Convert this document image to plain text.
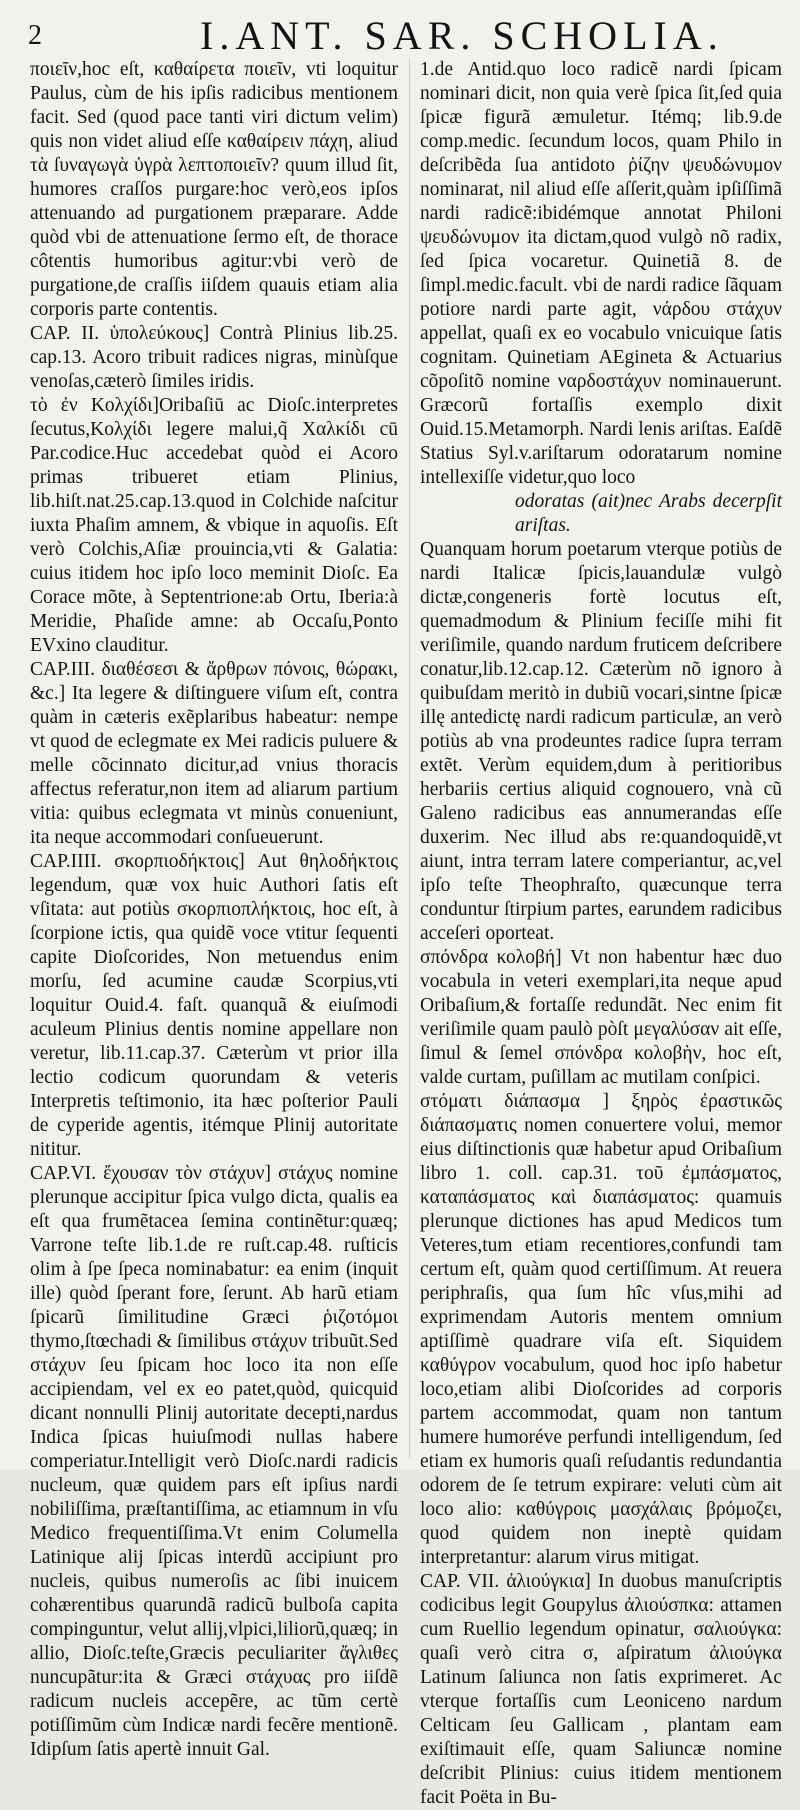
2	I.ANT. SAR. SCHOLIA.

ποιεῖν,hoc eſt, καθαίρετα ποιεῖν, vti loquitur Paulus, cùm de his ipſis radicibus mentionem facit. Sed (quod pace tanti viri dictum velim) quis non videt aliud eſſe καθαίρειν πάχη, aliud τὰ ſυναγωγὰ ὑγρὰ λεπτοποιεῖν? quum illud ſit, humores craſſos purgare:hoc verò,eos ipſos attenuando ad purgationem præparare. Adde quòd vbi de attenuatione ſermo eſt, de thorace côtentis humoribus agitur:vbi verò de purgatione,de craſſis iiſdem quauis etiam alia corporis parte contentis.

CAP. II. ὑπολεύκους] Contrà Plinius lib.25. cap.13. Acoro tribuit radices nigras, minùſque venoſas,cæterò ſimiles iridis.

τὸ ἐν Κολχίδι]Oribaſiū ac Dioſc.interpretes ſecutus,Κολχίδι legere malui,q̃ Χαλκίδι cū Par.codice.Huc accedebat quòd ei Acoro primas tribueret etiam Plinius, lib.hiſt.nat.25.cap.13.quod in Colchide naſcitur iuxta Phaſim amnem, & vbique in aquoſis. Eſt verò Colchis,Aſiæ prouincia,vti & Galatia: cuius itidem hoc ipſo loco meminit Dioſc. Ea Corace mõte, à Septentrione:ab Ortu, Iberia:à Meridie, Phaſide amne: ab Occaſu,Ponto EVxino clauditur.

CAP.III. διαθέσεσι & ἄρθρων πόνοις, θώρακι, &c.] Ita legere & diſtinguere viſum eſt, contra quàm in cæteris exẽplaribus habeatur: nempe vt quod de eclegmate ex Mei radicis puluere & melle cõcinnato dicitur,ad vnius thoracis affectus referatur,non item ad aliarum partium vitia: quibus eclegmata vt minùs conueniunt, ita neque accommodari conſueuerunt.

CAP.IIII. σκορπιοδήκτοις] Aut θηλοδήκτοις legendum, quæ vox huic Authori ſatis eſt vſitata: aut potiùs σκορπιοπλήκτοις, hoc eſt, à ſcorpione ictis, qua quidẽ voce vtitur ſequenti capite Dioſcorides, Non metuendus enim morſu, ſed acumine caudæ Scorpius,vti loquitur Ouid.4. faſt. quanquã & eiuſmodi aculeum Plinius dentis nomine appellare non veretur, lib.11.cap.37. Cæterùm vt prior illa lectio codicum quorundam & veteris Interpretis teſtimonio, ita hæc poſterior Pauli de cyperide agentis, itémque Plinij autoritate nititur.

CAP.VI. ἔχουσαν τὸν στάχυν] στάχυς nomine plerunque accipitur ſpica vulgo dicta, qualis ea eſt qua frumẽtacea ſemina continẽtur:quæq; Varrone teſte lib.1.de re ruſt.cap.48. ruſticis olim à ſpe ſpeca nominabatur: ea enim (inquit ille) quòd ſperant fore, ſerunt. Ab harũ etiam ſpicarũ ſimilitudine Græci ῥιζοτόμοι thymo,ſtœchadi & ſimilibus στάχυν tribuũt.Sed στάχυν ſeu ſpicam hoc loco ita non eſſe accipiendam, vel ex eo patet,quòd, quicquid dicant nonnulli Plinij autoritate decepti,nardus Indica ſpicas huiuſmodi nullas habere comperiatur.Intelligit verò Dioſc.nardi radicis nucleum, quæ quidem pars eſt ipſius nardi nobiliſſima, præſtantiſſima, ac etiamnum in vſu Medico frequentiſſima.Vt enim Columella Latinique alij ſpicas interdũ accipiunt pro nucleis, quibus numeroſis ac ſibi inuicem cohærentibus quarundã radicũ bulboſa capita compinguntur, velut allij,vlpici,liliorũ,quæq; in allio, Dioſc.teſte,Græcis peculiariter ἄγλιθες nuncupãtur:ita & Græci στάχυας pro iiſdẽ radicum nucleis accepẽre, ac tũm certè potiſſimũm cùm Indicæ nardi fecẽre mentionẽ. Idipſum ſatis apertè innuit Gal.

1.de Antid.quo loco radicẽ nardi ſpicam nominari dicit, non quia verè ſpica ſit,ſed quia ſpicæ figurã æmuletur. Itémq; lib.9.de comp.medic. ſecundum locos, quam Philo in deſcribẽda ſua antidoto ῥίζην ψευδώνυμον nominarat, nil aliud eſſe aſſerit,quàm ipſiſſimã nardi radicẽ:ibidémque annotat Philoni ψευδώνυμον ita dictam,quod vulgò nõ radix, ſed ſpica vocaretur. Quinetiã 8. de ſimpl.medic.facult. vbi de nardi radice ſãquam potiore nardi parte agit, νάρδου στάχυν appellat, quaſi ex eo vocabulo vnicuique ſatis cognitam. Quinetiam AEgineta & Actuarius cõpoſitõ nomine ναρδοστάχυν nominauerunt. Græcorũ fortaſſis exemplo dixit Ouid.15.Metamorph. Nardi lenis ariſtas. Eaſdẽ Statius Syl.v.ariſtarum odoratarum nomine intellexiſſe videtur,quo loco

odoratas (ait)nec Arabs decerpſit ariſtas.

Quanquam horum poetarum vterque potiùs de nardi Italicæ ſpicis,lauandulæ vulgò dictæ,congeneris fortè locutus eſt, quemadmodum & Plinium feciſſe mihi fit veriſimile, quando nardum fruticem deſcribere conatur,lib.12.cap.12. Cæterùm nõ ignoro à quibuſdam meritò in dubiũ vocari,sintne ſpicæ illę antedictę nardi radicum particulæ, an verò potiùs ab vna prodeuntes radice ſupra terram extẽt. Verùm equidem,dum à peritioribus herbariis certius aliquid cognouero, vnà cũ Galeno radicibus eas annumerandas eſſe duxerim. Nec illud abs re:quandoquidẽ,vt aiunt, intra terram latere comperiantur, ac,vel ipſo teſte Theophraſto, quæcunque terra conduntur ſtirpium partes, earundem radicibus acceſeri oporteat.

σπόνδρα κολοβή] Vt non habentur hæc duo vocabula in veteri exemplari,ita neque apud Oribaſium,& fortaſſe redundãt. Nec enim fit veriſimile quam paulò pòſt μεγαλύσαν ait eſſe, ſimul & ſemel σπόνδρα κολοβὴν, hoc eſt, valde curtam, puſillam ac mutilam conſpici.

στόματι διάπασμα ] ξηρὸς ἐραστικῶς διάπασματις nomen conuertere volui, memor eius diſtinctionis quæ habetur apud Oribaſium libro 1. coll. cap.31. τοῦ ἐμπάσματος, καταπάσματος καὶ διαπάσματος: quamuis plerunque dictiones has apud Medicos tum Veteres,tum etiam recentiores,confundi tam certum eſt, quàm quod certiſſimum. At reuera periphraſis, qua ſum hîc vſus,mihi ad exprimendam Autoris mentem omnium aptiſſimè quadrare viſa eſt. Siquidem καθύγρον vocabulum, quod hoc ipſo habetur loco,etiam alibi Dioſcorides ad corporis partem accommodat, quam non tantum humere humoréve perfundi intelligendum, ſed etiam ex humoris quaſi reſudantis redundantia odorem de ſe tetrum expirare: veluti cùm ait loco alio: καθύγροις μασχάλαις βρόμοζει, quod quidem non ineptè quidam interpretantur: alarum virus mitigat.

CAP. VII. ἀλιούγκια] In duobus manuſcriptis codicibus legit Goupylus ἀλιούσπκα: attamen cum Ruellio legendum opinatur, σαλιούγκα: quaſi verò citra σ, aſpiratum ἀλιούγκα Latinum ſaliunca non ſatis exprimeret. Ac vterque fortaſſis cum Leoniceno nardum Celticam ſeu Gallicam , plantam eam exiſtimauit eſſe, quam Saliuncæ nomine deſcribit Plinius: cuius itidem mentionem facit Poëta in Bu-
